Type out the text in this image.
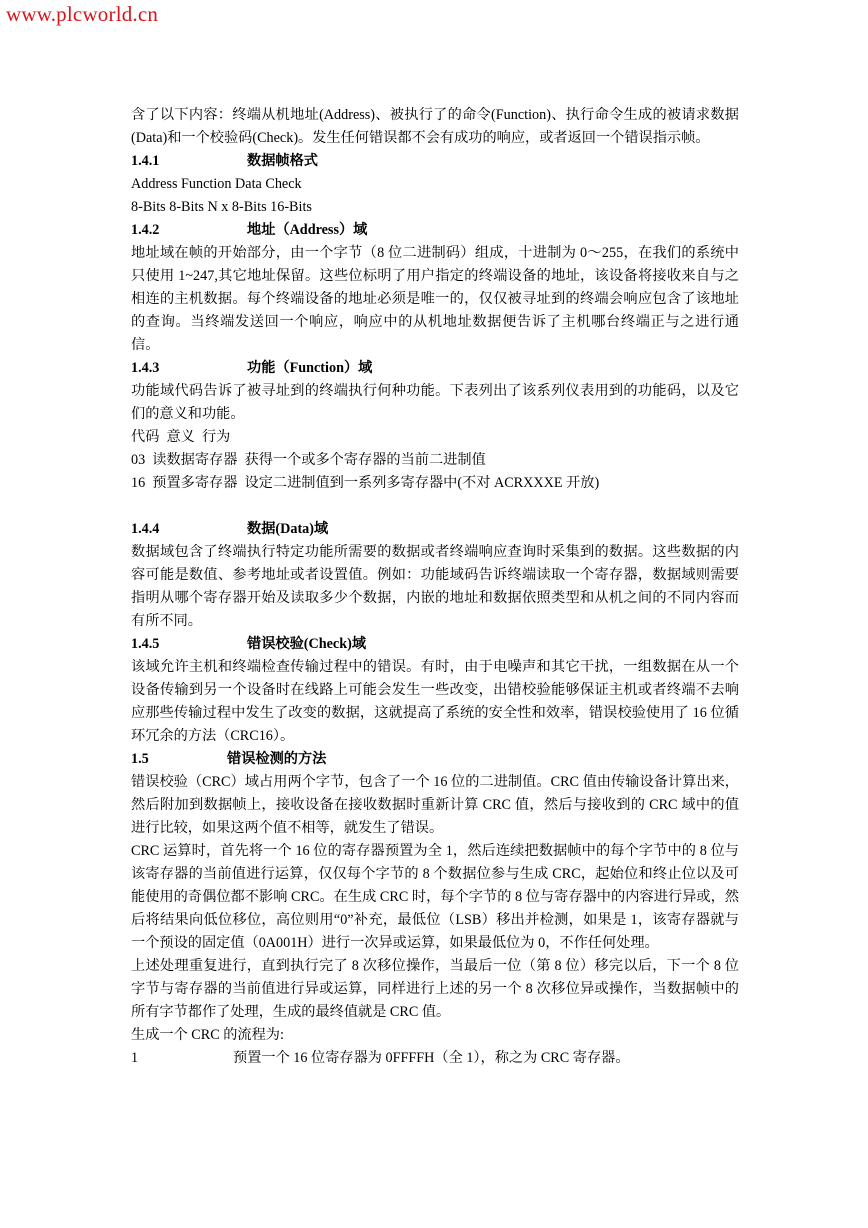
www.plcworld.cn

含了以下内容：终端从机地址(Address)、被执行了的命令(Function)、执行命令生成的被请求数据(Data)和一个校验码(Check)。发生任何错误都不会有成功的响应，或者返回一个错误指示帧。

1.4.1	数据帧格式

Address Function Data Check

8-Bits 8-Bits N x 8-Bits 16-Bits

1.4.2	地址（Address）域

地址域在帧的开始部分，由一个字节（8 位二进制码）组成，十进制为 0～255，在我们的系统中只使用 1~247,其它地址保留。这些位标明了用户指定的终端设备的地址，该设备将接收来自与之相连的主机数据。每个终端设备的地址必须是唯一的，仅仅被寻址到的终端会响应包含了该地址的查询。当终端发送回一个响应，响应中的从机地址数据便告诉了主机哪台终端正与之进行通信。

1.4.3	功能（Function）域

功能域代码告诉了被寻址到的终端执行何种功能。下表列出了该系列仪表用到的功能码，以及它们的意义和功能。

代码  意义  行为

03  读数据寄存器  获得一个或多个寄存器的当前二进制值

16  预置多寄存器  设定二进制值到一系列多寄存器中(不对 ACRXXXE 开放)

1.4.4	数据(Data)域

数据域包含了终端执行特定功能所需要的数据或者终端响应查询时采集到的数据。这些数据的内容可能是数值、参考地址或者设置值。例如：功能域码告诉终端读取一个寄存器，数据域则需要指明从哪个寄存器开始及读取多少个数据，内嵌的地址和数据依照类型和从机之间的不同内容而有所不同。

1.4.5	错误校验(Check)域

该域允许主机和终端检查传输过程中的错误。有时，由于电噪声和其它干扰，一组数据在从一个设备传输到另一个设备时在线路上可能会发生一些改变，出错校验能够保证主机或者终端不去响应那些传输过程中发生了改变的数据，这就提高了系统的安全性和效率，错误校验使用了 16 位循环冗余的方法（CRC16）。

1.5	错误检测的方法

错误校验（CRC）域占用两个字节，包含了一个 16 位的二进制值。CRC 值由传输设备计算出来，然后附加到数据帧上，接收设备在接收数据时重新计算 CRC 值，然后与接收到的 CRC 域中的值进行比较，如果这两个值不相等，就发生了错误。

CRC 运算时，首先将一个 16 位的寄存器预置为全 1，然后连续把数据帧中的每个字节中的 8 位与该寄存器的当前值进行运算，仅仅每个字节的 8 个数据位参与生成 CRC，起始位和终止位以及可能使用的奇偶位都不影响 CRC。在生成 CRC 时，每个字节的 8 位与寄存器中的内容进行异或，然后将结果向低位移位，高位则用“0”补充，最低位（LSB）移出并检测，如果是 1，该寄存器就与一个预设的固定值（0A001H）进行一次异或运算，如果最低位为 0，不作任何处理。

上述处理重复进行，直到执行完了 8 次移位操作，当最后一位（第 8 位）移完以后，下一个 8 位字节与寄存器的当前值进行异或运算，同样进行上述的另一个 8 次移位异或操作，当数据帧中的所有字节都作了处理，生成的最终值就是 CRC 值。

生成一个 CRC 的流程为:

1	预置一个 16 位寄存器为 0FFFFH（全 1），称之为 CRC 寄存器。
